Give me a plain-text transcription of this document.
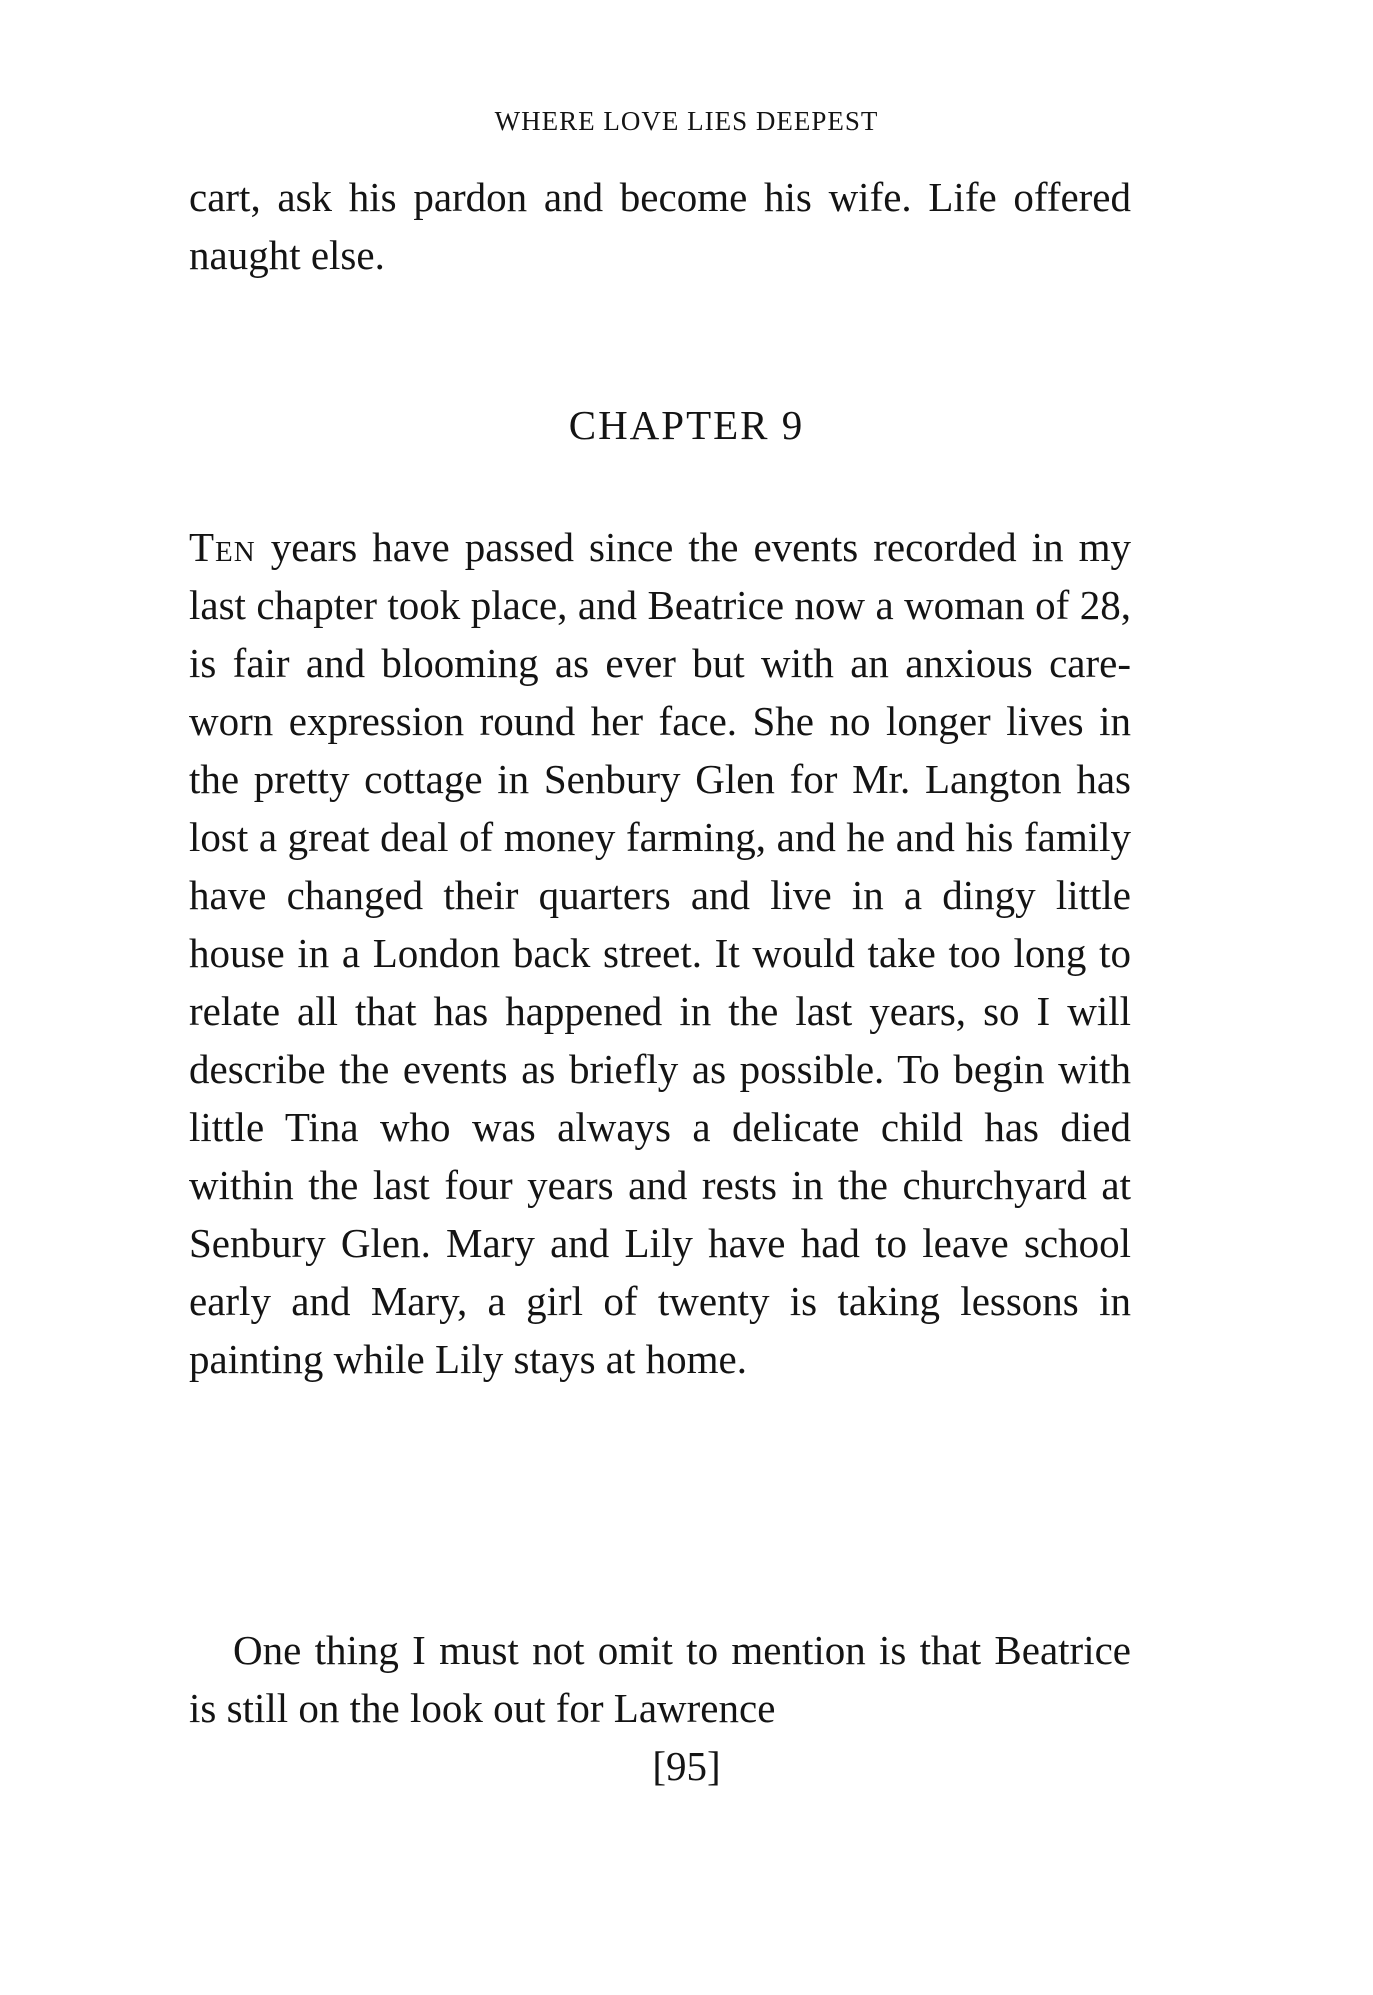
WHERE LOVE LIES DEEPEST

cart, ask his pardon and become his wife. Life offered naught else.

CHAPTER 9

Ten years have passed since the events recorded in my last chapter took place, and Beatrice now a woman of 28, is fair and blooming as ever but with an anxious care-worn expression round her face. She no longer lives in the pretty cottage in Senbury Glen for Mr. Langton has lost a great deal of money farming, and he and his family have changed their quarters and live in a dingy little house in a London back street. It would take too long to relate all that has happened in the last years, so I will describe the events as briefly as possible. To begin with little Tina who was always a delicate child has died within the last four years and rests in the churchyard at Senbury Glen. Mary and Lily have had to leave school early and Mary, a girl of twenty is taking lessons in painting while Lily stays at home.

One thing I must not omit to mention is that Beatrice is still on the look out for Lawrence

[95]
